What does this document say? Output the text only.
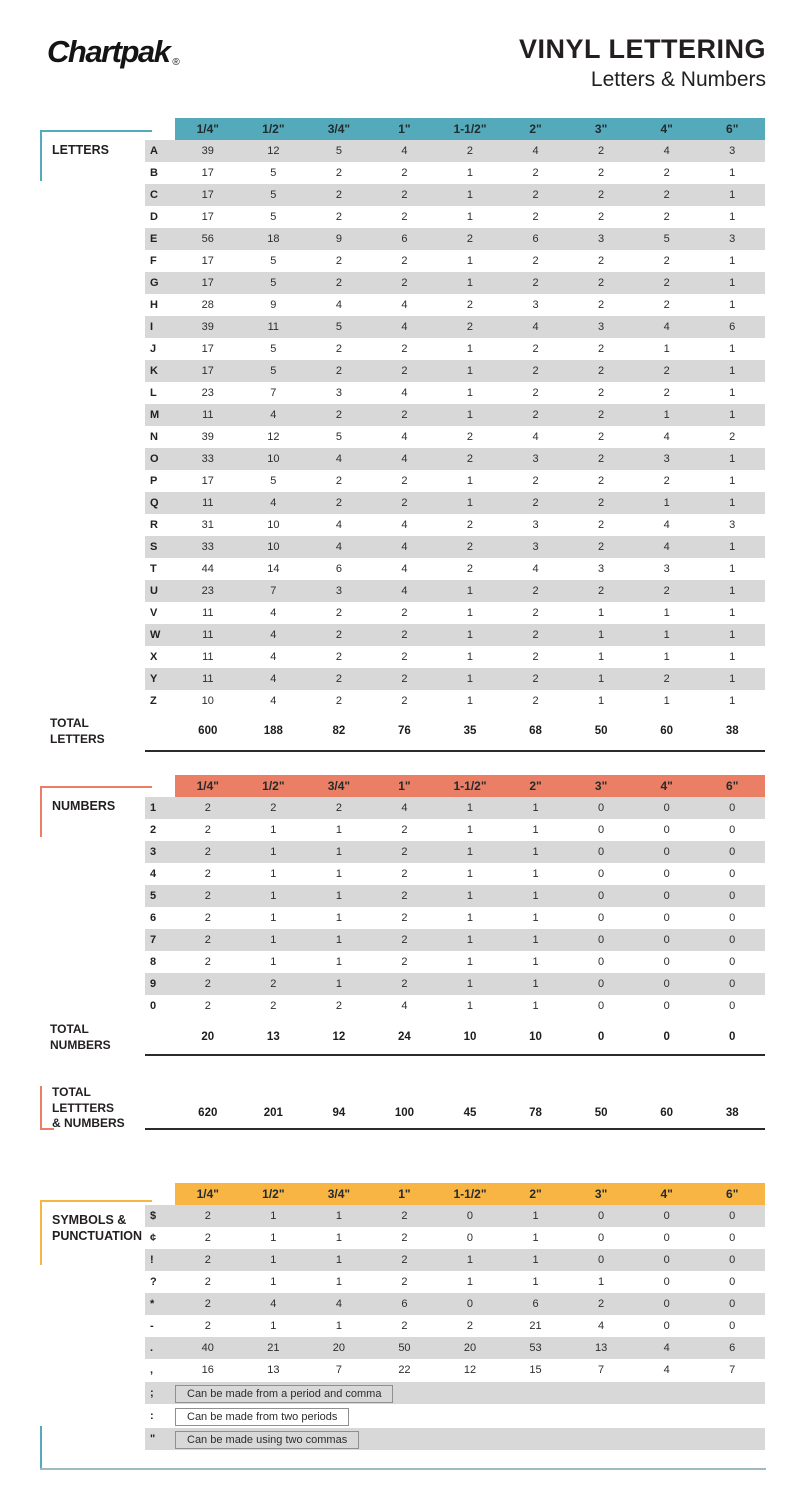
Chartpak ®	VINYL LETTERING
Letters & Numbers
LETTERS
1/4"	1/2"	3/4"	1"	1-1/2"	2"	3"	4"	6"
A	39	12	5	4	2	4	2	4	3
B	17	5	2	2	1	2	2	2	1
C	17	5	2	2	1	2	2	2	1
D	17	5	2	2	1	2	2	2	1
E	56	18	9	6	2	6	3	5	3
F	17	5	2	2	1	2	2	2	1
G	17	5	2	2	1	2	2	2	1
H	28	9	4	4	2	3	2	2	1
I	39	11	5	4	2	4	3	4	6
J	17	5	2	2	1	2	2	1	1
K	17	5	2	2	1	2	2	2	1
L	23	7	3	4	1	2	2	2	1
M	11	4	2	2	1	2	2	1	1
N	39	12	5	4	2	4	2	4	2
O	33	10	4	4	2	3	2	3	1
P	17	5	2	2	1	2	2	2	1
Q	11	4	2	2	1	2	2	1	1
R	31	10	4	4	2	3	2	4	3
S	33	10	4	4	2	3	2	4	1
T	44	14	6	4	2	4	3	3	1
U	23	7	3	4	1	2	2	2	1
V	11	4	2	2	1	2	1	1	1
W	11	4	2	2	1	2	1	1	1
X	11	4	2	2	1	2	1	1	1
Y	11	4	2	2	1	2	1	2	1
Z	10	4	2	2	1	2	1	1	1
TOTAL LETTERS
600	188	82	76	35	68	50	60	38
NUMBERS
1/4"	1/2"	3/4"	1"	1-1/2"	2"	3"	4"	6"
1	2	2	2	4	1	1	0	0	0
2	2	1	1	2	1	1	0	0	0
3	2	1	1	2	1	1	0	0	0
4	2	1	1	2	1	1	0	0	0
5	2	1	1	2	1	1	0	0	0
6	2	1	1	2	1	1	0	0	0
7	2	1	1	2	1	1	0	0	0
8	2	1	1	2	1	1	0	0	0
9	2	2	1	2	1	1	0	0	0
0	2	2	2	4	1	1	0	0	0
TOTAL NUMBERS
20	13	12	24	10	10	0	0	0
TOTAL
LETTTERS
& NUMBERS
620	201	94	100	45	78	50	60	38
SYMBOLS & PUNCTUATION
1/4"	1/2"	3/4"	1"	1-1/2"	2"	3"	4"	6"
$	2	1	1	2	0	1	0	0	0
¢	2	1	1	2	0	1	0	0	0
!	2	1	1	2	1	1	0	0	0
?	2	1	1	2	1	1	1	0	0
*	2	4	4	6	0	6	2	0	0
-	2	1	1	2	2	21	4	0	0
.	40	21	20	50	20	53	13	4	6
,	16	13	7	22	12	15	7	4	7
;	Can be made from a period and comma
:	Can be made from two periods
"	Can be made using two commas
